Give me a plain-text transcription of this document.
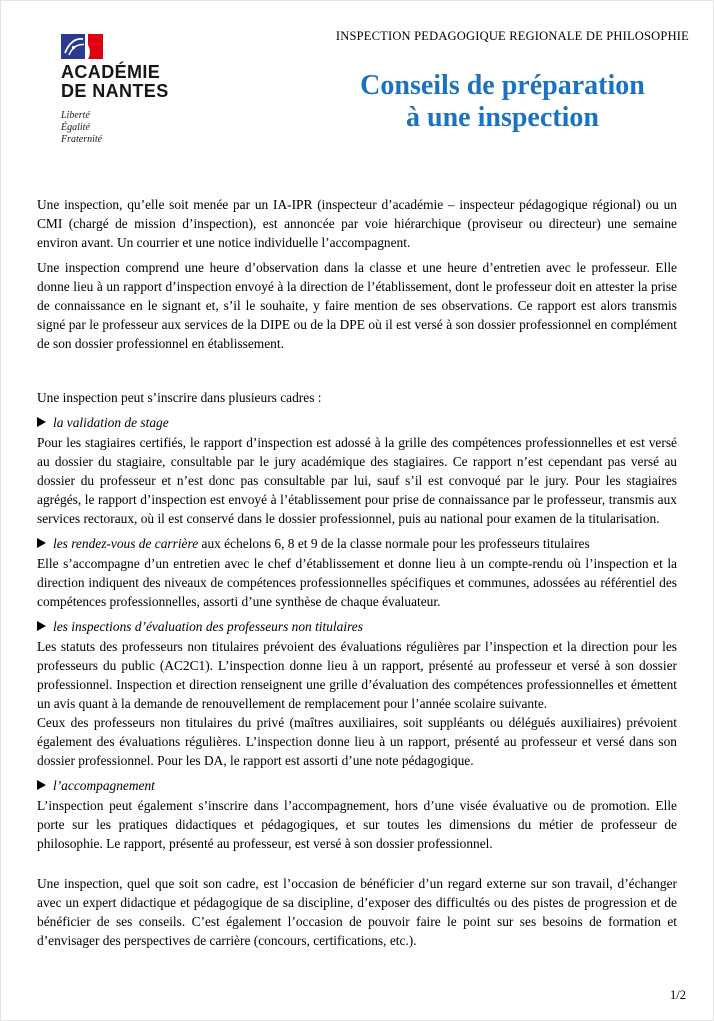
ACADÉMIE
DE NANTES
Liberté
Égalité
Fraternité
INSPECTION PEDAGOGIQUE REGIONALE DE PHILOSOPHIE
Conseils de préparation
à une inspection

Une inspection, qu’elle soit menée par un IA-IPR (inspecteur d’académie – inspecteur pédagogique régional) ou un CMI (chargé de mission d’inspection), est annoncée par voie hiérarchique (proviseur ou directeur) une semaine environ avant. Un courrier et une notice individuelle l’accompagnent.

Une inspection comprend une heure d’observation dans la classe et une heure d’entretien avec le professeur. Elle donne lieu à un rapport d’inspection envoyé à la direction de l’établissement, dont le professeur doit en attester la prise de connaissance en le signant et, s’il le souhaite, y faire mention de ses observations. Ce rapport est alors transmis signé par le professeur aux services de la DIPE ou de la DPE où il est versé à son dossier professionnel en complément de son dossier professionnel en établissement.

Une inspection peut s’inscrire dans plusieurs cadres :

la validation de stage

Pour les stagiaires certifiés, le rapport d’inspection est adossé à la grille des compétences professionnelles et est versé au dossier du stagiaire, consultable par le jury académique des stagiaires. Ce rapport n’est cependant pas versé au dossier du professeur et n’est donc pas consultable par lui, sauf s’il est convoqué par le jury. Pour les stagiaires agrégés, le rapport d’inspection est envoyé à l’établissement pour prise de connaissance par le professeur, transmis aux services rectoraux, où il est conservé dans le dossier professionnel, puis au national pour examen de la titularisation.

les rendez-vous de carrière aux échelons 6, 8 et 9 de la classe normale pour les professeurs titulaires

Elle s’accompagne d’un entretien avec le chef d’établissement et donne lieu à un compte-rendu où l’inspection et la direction indiquent des niveaux de compétences professionnelles spécifiques et communes, adossées au référentiel des compétences professionnelles, assorti d’une synthèse de chaque évaluateur.

les inspections d’évaluation des professeurs non titulaires

Les statuts des professeurs non titulaires prévoient des évaluations régulières par l’inspection et la direction pour les professeurs du public (AC2C1). L’inspection donne lieu à un rapport, présenté au professeur et versé à son dossier professionnel. Inspection et direction renseignent une grille d’évaluation des compétences professionnelles et émettent un avis quant à la demande de renouvellement de remplacement pour l’année scolaire suivante.

Ceux des professeurs non titulaires du privé (maîtres auxiliaires, soit suppléants ou délégués auxiliaires) prévoient également des évaluations régulières. L’inspection donne lieu à un rapport, présenté au professeur et versé dans son dossier professionnel. Pour les DA, le rapport est assorti d’une note pédagogique.

l’accompagnement

L’inspection peut également s’inscrire dans l’accompagnement, hors d’une visée évaluative ou de promotion. Elle porte sur les pratiques didactiques et pédagogiques, et sur toutes les dimensions du métier de professeur de philosophie. Le rapport, présenté au professeur, est versé à son dossier professionnel.

Une inspection, quel que soit son cadre, est l’occasion de bénéficier d’un regard externe sur son travail, d’échanger avec un expert didactique et pédagogique de sa discipline, d’exposer des difficultés ou des pistes de progression et de bénéficier de ses conseils. C’est également l’occasion de pouvoir faire le point sur ses besoins de formation et d’envisager des perspectives de carrière (concours, certifications, etc.).

1/2
